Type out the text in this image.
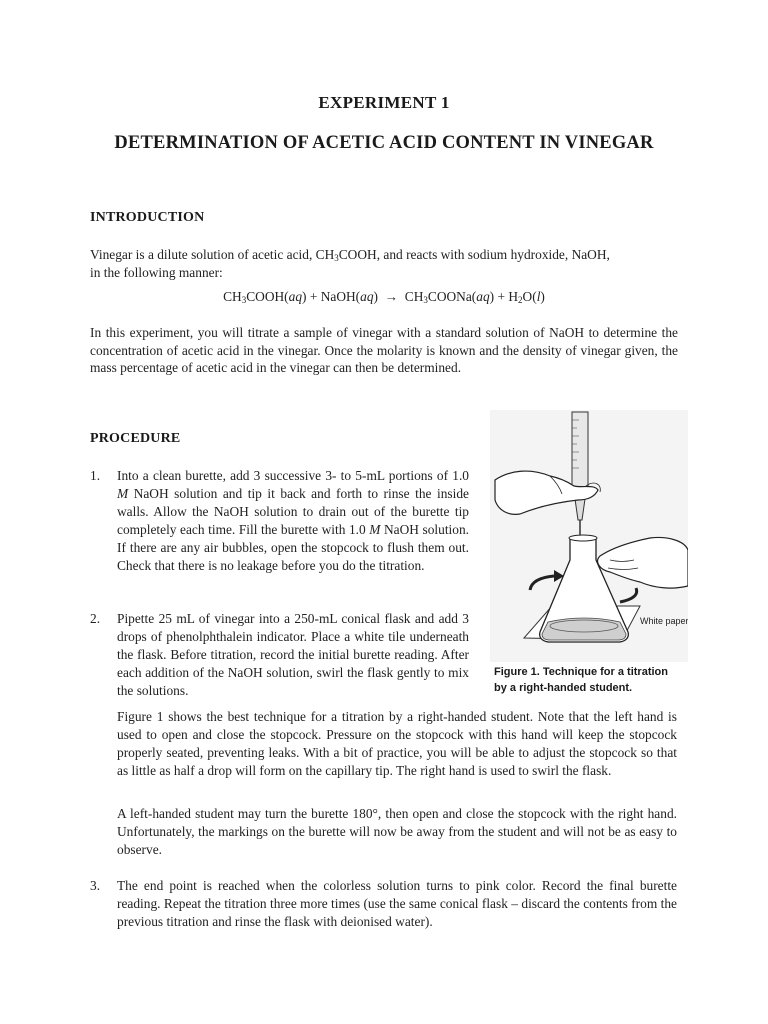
EXPERIMENT 1
DETERMINATION OF ACETIC ACID CONTENT IN VINEGAR
INTRODUCTION
Vinegar is a dilute solution of acetic acid, $CH_3COOH$, and reacts with sodium hydroxide, NaOH,
in the following manner:
$CH_3COOH(aq)$ + NaOH(aq) → $CH_3COONa(aq) + H_2O(l)$
In this experiment, you will titrate a sample of vinegar with a standard solution of NaOH to determine the concentration of acetic acid in the vinegar. Once the molarity is known and the density of vinegar given, the mass percentage of acetic acid in the vinegar can then be determined.
PROCEDURE
1.	Into a clean burette, add 3 successive 3- to 5-mL portions of 1.0 M NaOH solution and tip it back and forth to rinse the inside walls. Allow the NaOH solution to drain out of the burette tip completely each time. Fill the burette with 1.0 M NaOH solution. If there are any air bubbles, open the stopcock to flush them out. Check that there is no leakage before you do the titration.
2.	Pipette 25 mL of vinegar into a 250-mL conical flask and add 3 drops of phenolphthalein indicator. Place a white tile underneath the flask. Before titration, record the initial burette reading. After each addition of the NaOH solution, swirl the flask gently to mix the solutions.
Figure 1 shows the best technique for a titration by a right-handed student. Note that the left hand is used to open and close the stopcock. Pressure on the stopcock with this hand will keep the stopcock properly seated, preventing leaks. With a bit of practice, you will be able to adjust the stopcock so that as little as half a drop will form on the capillary tip. The right hand is used to swirl the flask.
A left-handed student may turn the burette 180°, then open and close the stopcock with the right hand. Unfortunately, the markings on the burette will now be away from the student and will not be as easy to observe.
3.	The end point is reached when the colorless solution turns to pink color. Record the final burette reading. Repeat the titration three more times (use the same conical flask – discard the contents from the previous titration and rinse the flask with deionised water).
White paper
Figure 1. Technique for a titration
by a right-handed student.
